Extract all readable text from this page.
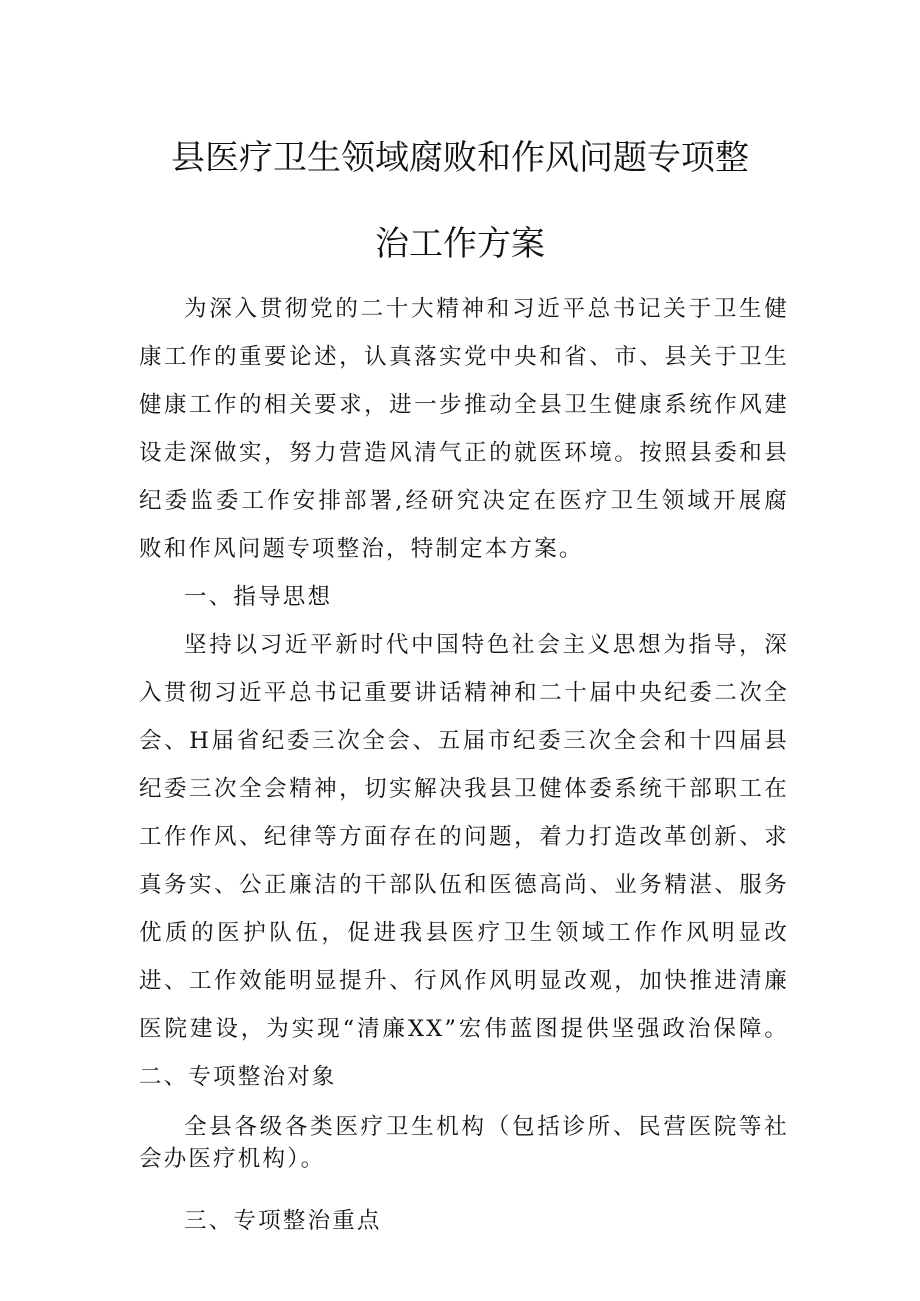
县医疗卫生领域腐败和作风问题专项整
治工作方案

为深入贯彻党的二十大精神和习近平总书记关于卫生健康工作的重要论述，认真落实党中央和省、市、县关于卫生健康工作的相关要求，进一步推动全县卫生健康系统作风建设走深做实，努力营造风清气正的就医环境。按照县委和县纪委监委工作安排部署,经研究决定在医疗卫生领域开展腐败和作风问题专项整治，特制定本方案。

一、指导思想

坚持以习近平新时代中国特色社会主义思想为指导，深入贯彻习近平总书记重要讲话精神和二十届中央纪委二次全会、H届省纪委三次全会、五届市纪委三次全会和十四届县纪委三次全会精神，切实解决我县卫健体委系统干部职工在工作作风、纪律等方面存在的问题，着力打造改革创新、求真务实、公正廉洁的干部队伍和医德高尚、业务精湛、服务优质的医护队伍，促进我县医疗卫生领域工作作风明显改进、工作效能明显提升、行风作风明显改观，加快推进清廉医院建设，为实现“清廉XX”宏伟蓝图提供坚强政治保障。二、专项整治对象

全县各级各类医疗卫生机构（包括诊所、民营医院等社会办医疗机构）。

三、专项整治重点
